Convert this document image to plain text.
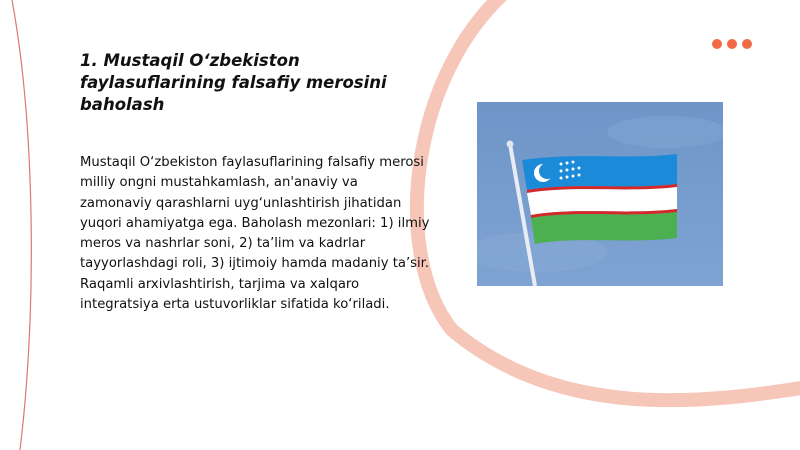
1. Mustaqil O‘zbekiston faylasuflarining falsafiy merosini baholash

Mustaqil O‘zbekiston faylasuflarining falsafiy merosi milliy ongni mustahkamlash, an'anaviy va zamonaviy qarashlarni uyg‘unlashtirish jihatidan yuqori ahamiyatga ega. Baholash mezonlari: 1) ilmiy meros va nashrlar soni, 2) ta’lim va kadrlar tayyorlashdagi roli, 3) ijtimoiy hamda madaniy ta’sir. Raqamli arxivlashtirish, tarjima va xalqaro integratsiya erta ustuvorliklar sifatida ko‘riladi.
